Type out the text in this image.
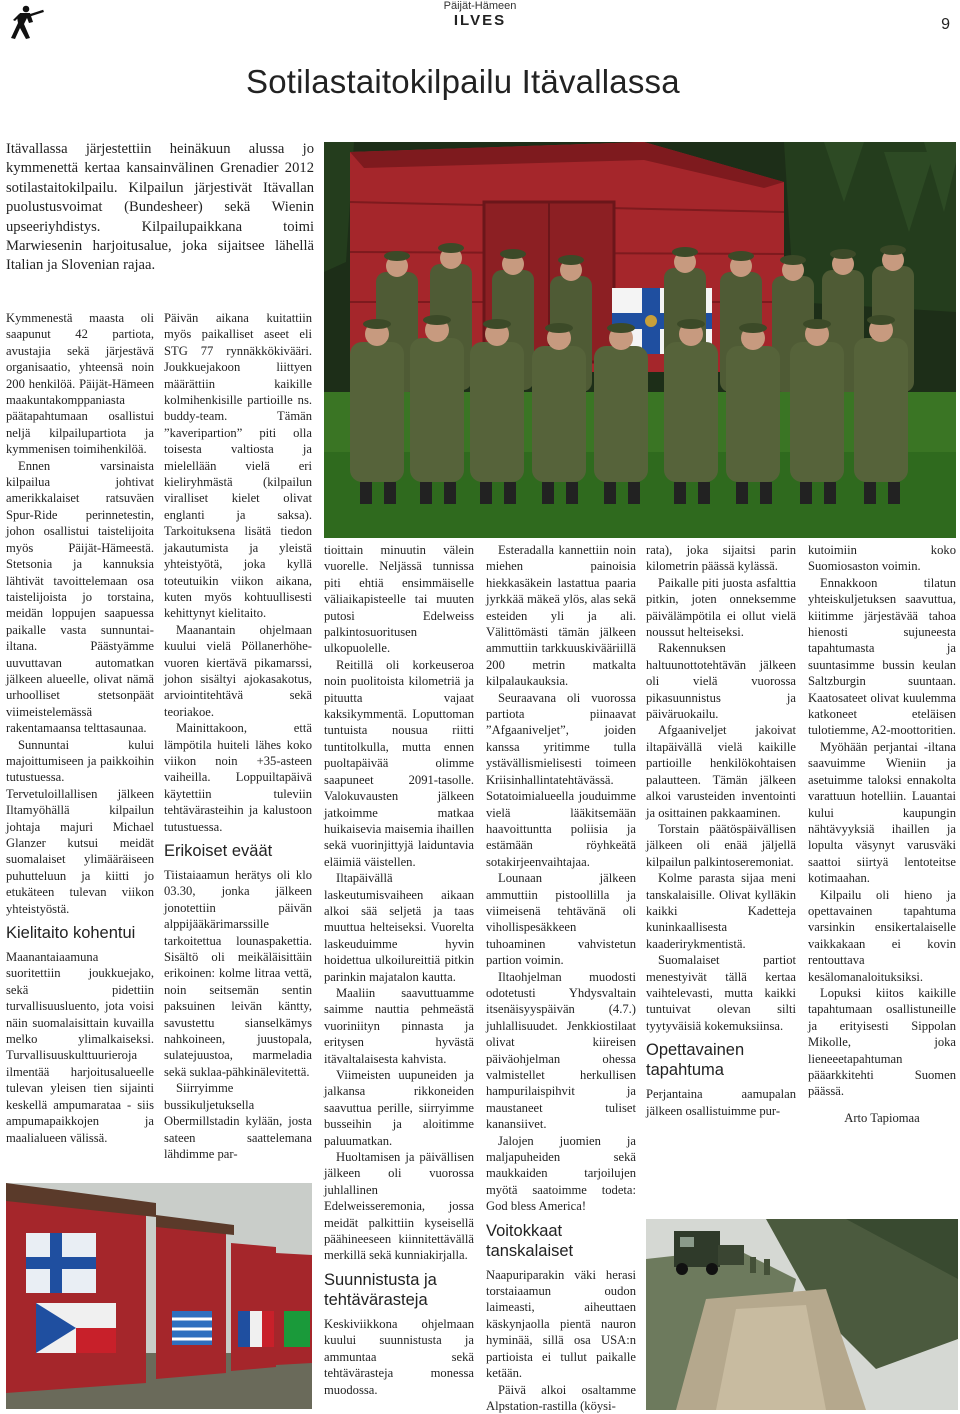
Päijät-Hämeen
ILVES	9
Sotilastaitokilpailu Itävallassa
Itävallassa järjestettiin heinäkuun alussa jo kymmenettä kertaa kansainvälinen Grenadier 2012 sotilastaitokilpailu. Kilpailun järjestivät Itävallan puolustusvoimat (Bundesheer) sekä Wienin upseeriyhdistys. Kilpailupaikkana toimi Marwiesenin harjoitusalue, joka sijaitsee lähellä Italian ja Slovenian rajaa.

Kymmenestä maasta oli saapunut 42 partiota, avustajia sekä järjestävä organisaatio, yhteensä noin 200 henkilöä. Päijät-Hämeen maakuntakomppaniasta päätapahtumaan osallistui neljä kilpailupartiota ja kymmenisen toimihenkilöä.

Ennen varsinaista kilpailua johtivat amerikkalaiset ratsuväen Spur-Ride perinnetestin, johon osallistui taistelijoita myös Päijät-Hämeestä. Stetsonia ja kannuksia lähtivät tavoittelemaan osa taistelijoista jo torstaina, meidän loppujen saapuessa paikalle vasta sunnuntai-iltana. Päästyämme uuvuttavan automatkan jälkeen alueelle, olivat nämä urhoolliset stetsonpäät viimeistelemässä rakentamaansa telttasaunaa.

Sunnuntai kului majoittumiseen ja paikkoihin tutustuessa. Tervetuloillallisen jälkeen Iltamyöhällä kilpailun johtaja majuri Michael Glanzer kutsui meidät suomalaiset ylimääräiseen puhutteluun ja kiitti jo etukäteen tulevan viikon yhteistyöstä.

Kielitaito kohentui

Maanantaiaamuna suoritettiin joukkuejako, sekä pidettiin turvallisuusluento, jota voisi näin suomalaisittain kuvailla melko ylimalkaiseksi. Turvallisuuskulttuurieroja ilmentää harjoitusalueelle tulevan yleisen tien sijainti keskellä ampumarataa - siis ampumapaikkojen ja maalialueen välissä.

Päivän aikana kuitattiin myös paikalliset aseet eli STG 77 rynnäkkökivääri. Joukkuejakoon liittyen määrättiin kaikille kolmihenkisille partioille ns. buddy-team. Tämän ”kaveripartion” piti olla toisesta valtiosta ja mielellään vielä eri kieliryhmästä (kilpailun viralliset kielet olivat englanti ja saksa). Tarkoituksena lisätä tiedon jakautumista ja yleistä yhteistyötä, joka kyllä toteutuikin viikon aikana, kuten myös kohtuullisesti kehittynyt kielitaito.

Maanantain ohjelmaan kuului vielä Pöllanerhöhe-vuoren kiertävä pikamarssi, johon sisältyi ajokasakotus, arviointitehtävä sekä teoriakoe.

Mainittakoon, että lämpötila huiteli lähes koko viikon noin +35-asteen vaiheilla. Loppuiltapäivä käytettiin tuleviin tehtävärasteihin ja kalustoon tutustuessa.

Erikoiset eväät

Tiistaiaamun herätys oli klo 03.30, jonka jälkeen jonotettiin päivän alppijääkärimarssille tarkoitettua lounaspakettia. Sisältö oli meikäläisittäin erikoinen: kolme litraa vettä, noin seitsemän sentin paksuinen leivän käntty, savustettu sianselkämys nahkoineen, juustopala, sulatejuustoa, marmeladia sekä suklaa-pähkinälevitettä.

Siirryimme bussikuljetuksella Obermillstadin kylään, josta sateen saattelemana lähdimme par-

tioittain minuutin välein vuorelle. Neljässä tunnissa piti ehtiä ensimmäiselle väliaikapisteelle tai muuten putosi Edelweiss palkintosuoritusen ulkopuolelle.

Reitillä oli korkeuseroa noin puolitoista kilometriä ja pituutta vajaat kaksikymmentä. Loputtoman tuntuista nousua riitti tuntitolkulla, mutta ennen puoltapäivää olimme saapuneet 2091-tasolle. Valokuvausten jälkeen jatkoimme matkaa huikaisevia maisemia ihaillen sekä vuorinjittyjä laiduntavia eläimiä väistellen.

Iltapäivällä laskeutumisvaiheen aikaan alkoi sää seljetä ja taas muuttua helteiseksi. Vuorelta laskeuduimme hyvin hoidettua ulkoilureittiä pitkin parinkin majatalon kautta.

Maaliin saavuttuamme saimme nauttia pehmeästä vuoriniityn pinnasta ja eritysen hyvästä itävaltalaisesta kahvista.

Viimeisten uupuneiden ja jalkansa rikkoneiden saavuttua perille, siirryimme busseihin ja aloitimme paluumatkan.

Huoltamisen ja päivällisen jälkeen oli vuorossa juhlallinen Edelweisseremonia, jossa meidät palkittiin kyseisellä päähineeseen kiinnitettävällä merkillä sekä kunniakirjalla.

Suunnistusta ja tehtävärasteja

Keskiviikkona ohjelmaan kuului suunnistusta ja ammuntaa sekä tehtävärasteja monessa muodossa.

Esteradalla kannettiin noin miehen painoisia hiekkasäkein lastattua paaria jyrkkää mäkeä ylös, alas sekä esteiden yli ja ali. Välittömästi tämän jälkeen ammuttiin tarkkuuskivääriillä 200 metrin matkalta kilpalaukauksia.

Seuraavana oli vuorossa partiota piinaavat ”Afgaaniveljet”, joiden kanssa yritimme tulla ystävällismielisesti toimeen Kriisinhallintatehtävässä. Sotatoimialueella jouduimme vielä lääkitsemään haavoittuntta poliisia ja estämään röyhkeätä sotakirjeenvaihtajaa.

Lounaan jälkeen ammuttiin pistoollilla ja viimeisenä tehtävänä oli vihollispesäkkeen tuhoaminen vahvistetun partion voimin.

Iltaohjelman muodosti odotetusti Yhdysvaltain itsenäisyyspäivän (4.7.) juhlallisuudet. Jenkkiostilaat olivat kiireisen päiväohjelman ohessa valmistellet herkullisen hampurilaispihvit ja maustaneet tuliset kanansiivet.

Jalojen juomien ja maljapuheiden sekä maukkaiden tarjoilujen myötä saatoimme todeta: God bless America!

Voitokkaat tanskalaiset

Naapuriparakin väki herasi torstaiaamun oudon laimeasti, aiheuttaen käskynjaolla pientä nauron hyminää, sillä osa USA:n partioista ei tullut paikalle ketään.

Päivä alkoi osaltamme Alpstation-rastilla (köysi-

rata), joka sijaitsi parin kilometrin päässä kylässä.

Paikalle piti juosta asfalttia pitkin, joten onneksemme päivälämpötila ei ollut vielä noussut helteiseksi.

Rakennuksen haltuunottotehtävän jälkeen oli vielä vuorossa pikasuunnistus ja päiväruokailu.

Afgaaniveljet jakoivat iltapäivällä vielä kaikille partioille henkilökohtaisen palautteen. Tämän jälkeen alkoi varusteiden inventointi ja osittainen pakkaaminen.

Torstain päätöspäivällisen jälkeen oli enää jäljellä kilpailun palkintoseremoniat.

Kolme parasta sijaa meni tanskalaisille. Olivat kylläkin kaikki Kadetteja kuninkaallisesta kaaderirykmentistä.

Suomalaiset partiot menestyivät tällä kertaa vaihtelevasti, mutta kaikki tuntuivat olevan silti tyytyväisiä kokemuksiinsa.

Opettavainen tapahtuma

Perjantaina aamupalan jälkeen osallistuimme pur-

kutoimiin koko Suomiosaston voimin.

Ennakkoon tilatun yhteiskuljetuksen saavuttua, kiitimme järjestävää tahoa hienosti sujuneesta tapahtumasta ja suuntasimme bussin keulan Saltzburgin suuntaan. Kaatosateet olivat kuulemma katkoneet eteläisen tulotiemme, A2-moottoritien.

Myöhään perjantai -iltana saavuimme Wieniin ja asetuimme taloksi ennakolta varattuun hotelliin. Lauantai kului kaupungin nähtävyyksiä ihaillen ja lopulta väsynyt varusväki saattoi siirtyä lentoteitse kotimaahan.

Kilpailu oli hieno ja opettavainen tapahtuma varsinkin ensikertalaiselle vaikkakaan ei kovin rentouttava kesälomanaloituksiksi.

Lopuksi kiitos kaikille tapahtumaan osallistuneille ja erityisesti Sippolan Mikolle, joka lieneeetapahtuman pääarkkitehti Suomen päässä.

Arto Tapiomaa
